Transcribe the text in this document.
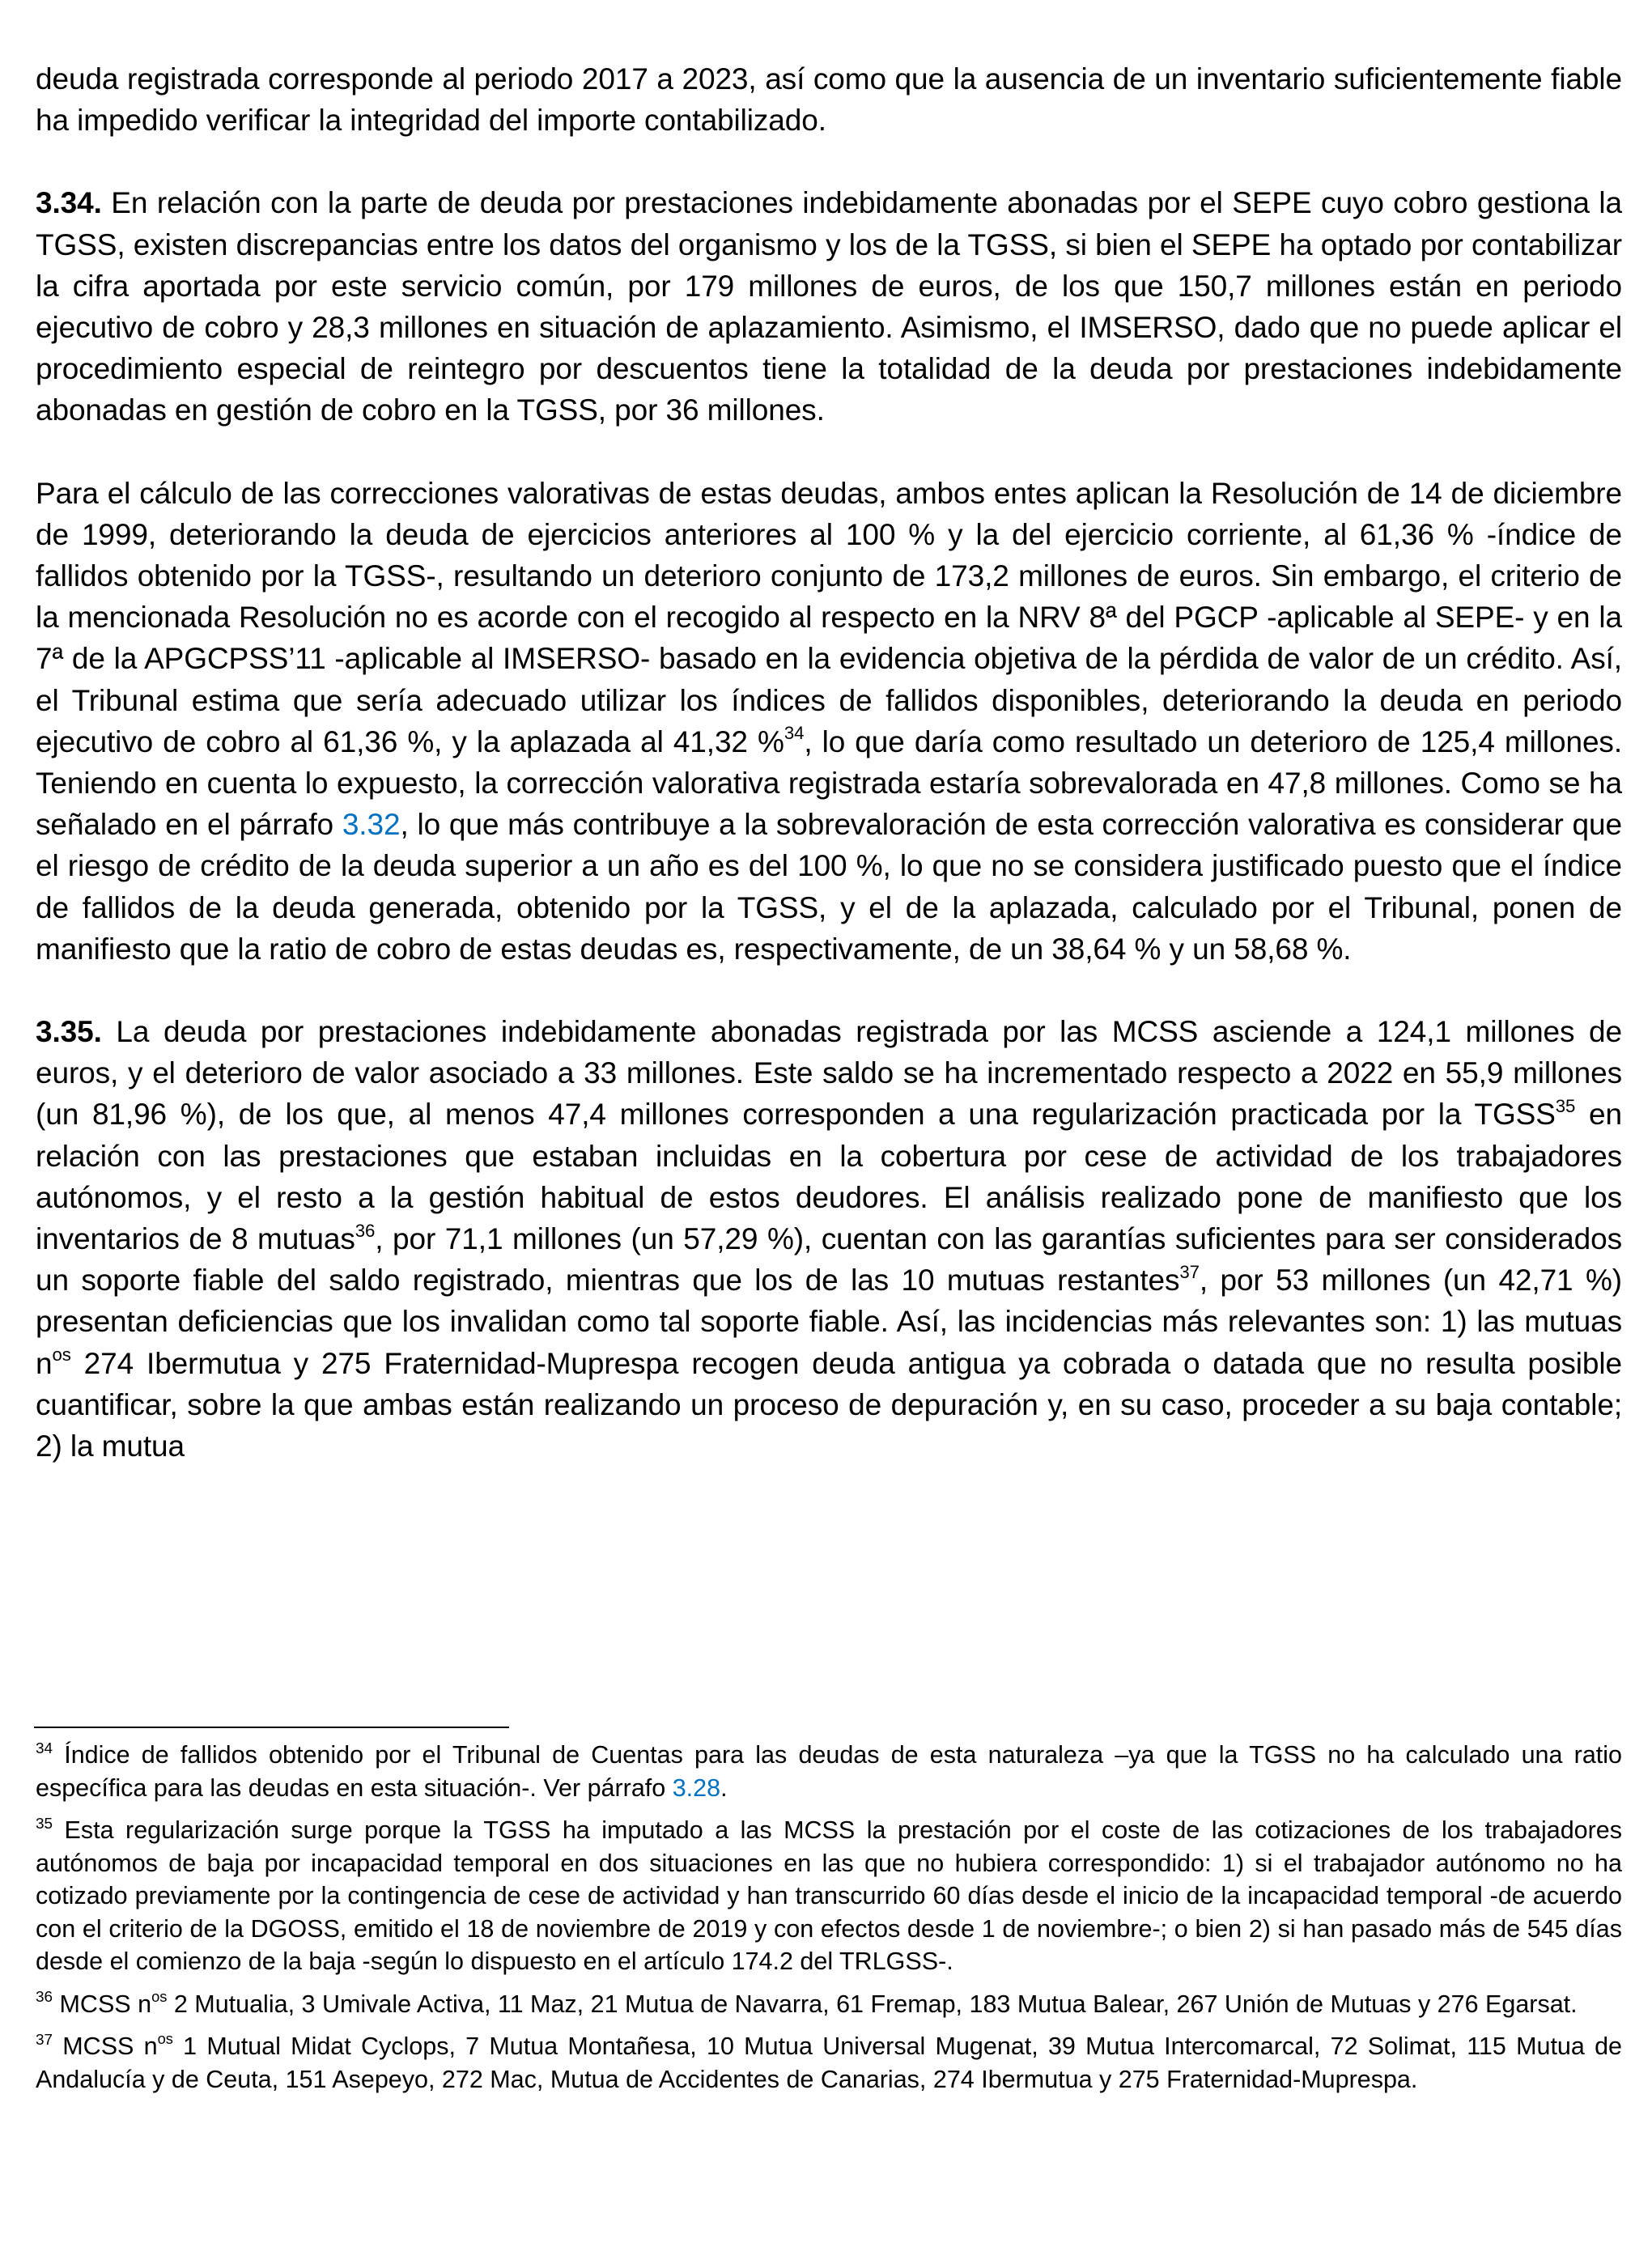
deuda registrada corresponde al periodo 2017 a 2023, así como que la ausencia de un inventario suficientemente fiable ha impedido verificar la integridad del importe contabilizado.

3.34. En relación con la parte de deuda por prestaciones indebidamente abonadas por el SEPE cuyo cobro gestiona la TGSS, existen discrepancias entre los datos del organismo y los de la TGSS, si bien el SEPE ha optado por contabilizar la cifra aportada por este servicio común, por 179 millones de euros, de los que 150,7 millones están en periodo ejecutivo de cobro y 28,3 millones en situación de aplazamiento. Asimismo, el IMSERSO, dado que no puede aplicar el procedimiento especial de reintegro por descuentos tiene la totalidad de la deuda por prestaciones indebidamente abonadas en gestión de cobro en la TGSS, por 36 millones.

Para el cálculo de las correcciones valorativas de estas deudas, ambos entes aplican la Resolución de 14 de diciembre de 1999, deteriorando la deuda de ejercicios anteriores al 100 % y la del ejercicio corriente, al 61,36 % -índice de fallidos obtenido por la TGSS-, resultando un deterioro conjunto de 173,2 millones de euros. Sin embargo, el criterio de la mencionada Resolución no es acorde con el recogido al respecto en la NRV 8ª del PGCP -aplicable al SEPE- y en la 7ª de la APGCPSS’11 -aplicable al IMSERSO- basado en la evidencia objetiva de la pérdida de valor de un crédito. Así, el Tribunal estima que sería adecuado utilizar los índices de fallidos disponibles, deteriorando la deuda en periodo ejecutivo de cobro al 61,36 %, y la aplazada al 41,32 %$^{34}$, lo que daría como resultado un deterioro de 125,4 millones. Teniendo en cuenta lo expuesto, la corrección valorativa registrada estaría sobrevalorada en 47,8 millones. Como se ha señalado en el párrafo 3.32, lo que más contribuye a la sobrevaloración de esta corrección valorativa es considerar que el riesgo de crédito de la deuda superior a un año es del 100 %, lo que no se considera justificado puesto que el índice de fallidos de la deuda generada, obtenido por la TGSS, y el de la aplazada, calculado por el Tribunal, ponen de manifiesto que la ratio de cobro de estas deudas es, respectivamente, de un 38,64 % y un 58,68 %.

3.35. La deuda por prestaciones indebidamente abonadas registrada por las MCSS asciende a 124,1 millones de euros, y el deterioro de valor asociado a 33 millones. Este saldo se ha incrementado respecto a 2022 en 55,9 millones (un 81,96 %), de los que, al menos 47,4 millones corresponden a una regularización practicada por la TGSS$^{35}$ en relación con las prestaciones que estaban incluidas en la cobertura por cese de actividad de los trabajadores autónomos, y el resto a la gestión habitual de estos deudores. El análisis realizado pone de manifiesto que los inventarios de 8 mutuas$^{36}$, por 71,1 millones (un 57,29 %), cuentan con las garantías suficientes para ser considerados un soporte fiable del saldo registrado, mientras que los de las 10 mutuas restantes$^{37}$, por 53 millones (un 42,71 %) presentan deficiencias que los invalidan como tal soporte fiable. Así, las incidencias más relevantes son: 1) las mutuas $n^{os}$ 274 Ibermutua y 275 Fraternidad-Muprespa recogen deuda antigua ya cobrada o datada que no resulta posible cuantificar, sobre la que ambas están realizando un proceso de depuración y, en su caso, proceder a su baja contable; 2) la mutua

$^{34}$ Índice de fallidos obtenido por el Tribunal de Cuentas para las deudas de esta naturaleza –ya que la TGSS no ha calculado una ratio específica para las deudas en esta situación-. Ver párrafo 3.28.

$^{35}$ Esta regularización surge porque la TGSS ha imputado a las MCSS la prestación por el coste de las cotizaciones de los trabajadores autónomos de baja por incapacidad temporal en dos situaciones en las que no hubiera correspondido: 1) si el trabajador autónomo no ha cotizado previamente por la contingencia de cese de actividad y han transcurrido 60 días desde el inicio de la incapacidad temporal -de acuerdo con el criterio de la DGOSS, emitido el 18 de noviembre de 2019 y con efectos desde 1 de noviembre-; o bien 2) si han pasado más de 545 días desde el comienzo de la baja -según lo dispuesto en el artículo 174.2 del TRLGSS-.

$^{36}$ MCSS $n^{os}$ 2 Mutualia, 3 Umivale Activa, 11 Maz, 21 Mutua de Navarra, 61 Fremap, 183 Mutua Balear, 267 Unión de Mutuas y 276 Egarsat.

$^{37}$ MCSS $n^{os}$ 1 Mutual Midat Cyclops, 7 Mutua Montañesa, 10 Mutua Universal Mugenat, 39 Mutua Intercomarcal, 72 Solimat, 115 Mutua de Andalucía y de Ceuta, 151 Asepeyo, 272 Mac, Mutua de Accidentes de Canarias, 274 Ibermutua y 275 Fraternidad-Muprespa.
